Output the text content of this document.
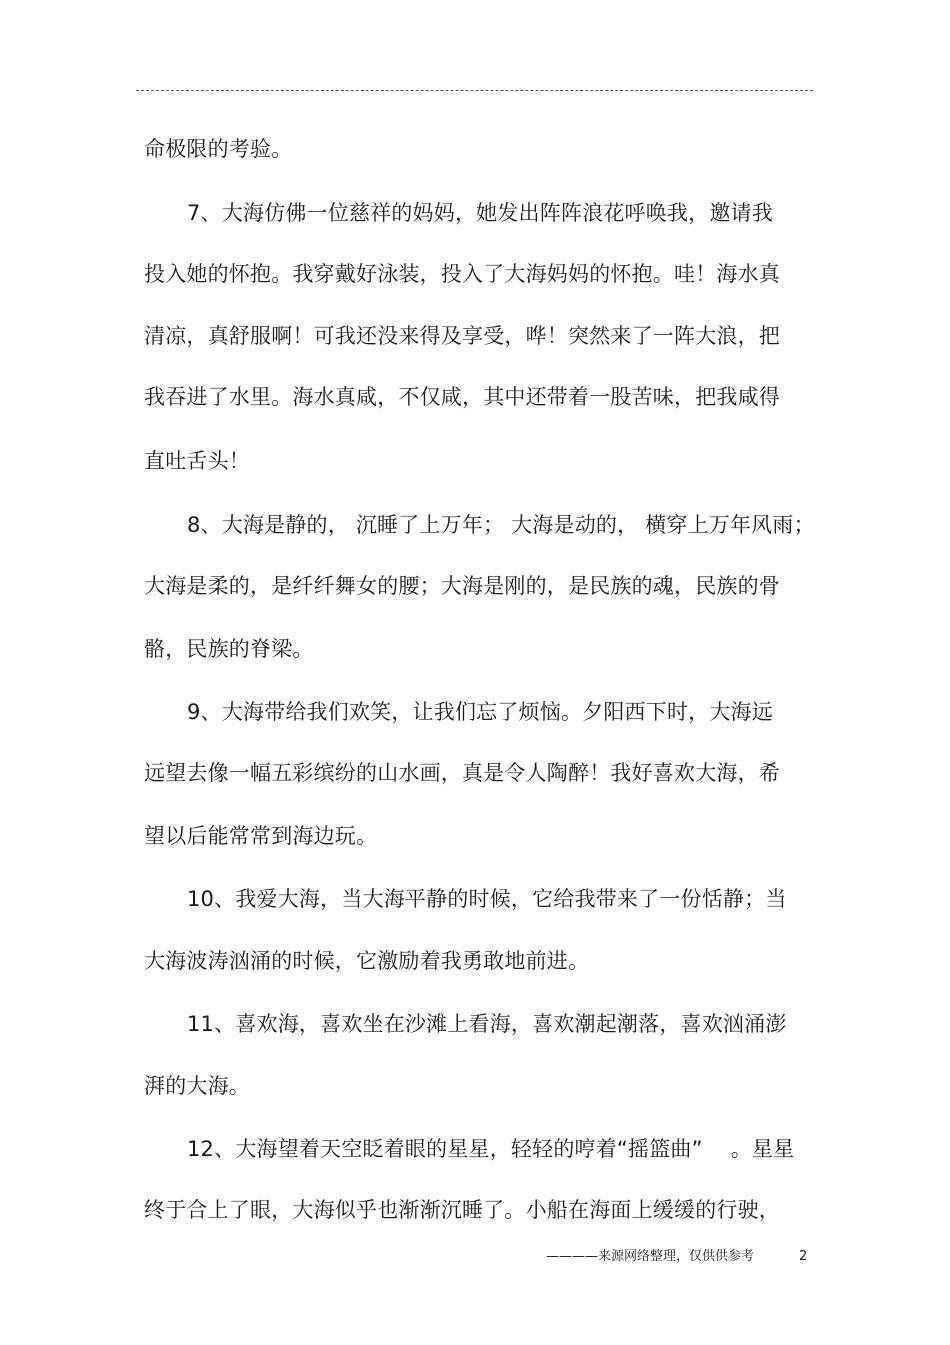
命极限的考验。
7、大海仿佛一位慈祥的妈妈，她发出阵阵浪花呼唤我，邀请我
投入她的怀抱。我穿戴好泳装，投入了大海妈妈的怀抱。哇！海水真
清凉，真舒服啊！可我还没来得及享受，哗！突然来了一阵大浪，把
我吞进了水里。海水真咸，不仅咸，其中还带着一股苦味，把我咸得
直吐舌头！
8、大海是静的， 沉睡了上万年； 大海是动的， 横穿上万年风雨；
大海是柔的，是纤纤舞女的腰；大海是刚的，是民族的魂，民族的骨
骼，民族的脊梁。
9、大海带给我们欢笑，让我们忘了烦恼。夕阳西下时，大海远
远望去像一幅五彩缤纷的山水画，真是令人陶醉！我好喜欢大海，希
望以后能常常到海边玩。
10、我爱大海，当大海平静的时候，它给我带来了一份恬静；当
大海波涛汹涌的时候，它激励着我勇敢地前进。
11、喜欢海，喜欢坐在沙滩上看海，喜欢潮起潮落，喜欢汹涌澎
湃的大海。
12、大海望着天空眨着眼的星星，轻轻的哼着“摇篮曲”　 。星星
终于合上了眼，大海似乎也渐渐沉睡了。小船在海面上缓缓的行驶，
————来源网络整理，仅供供参考	2
